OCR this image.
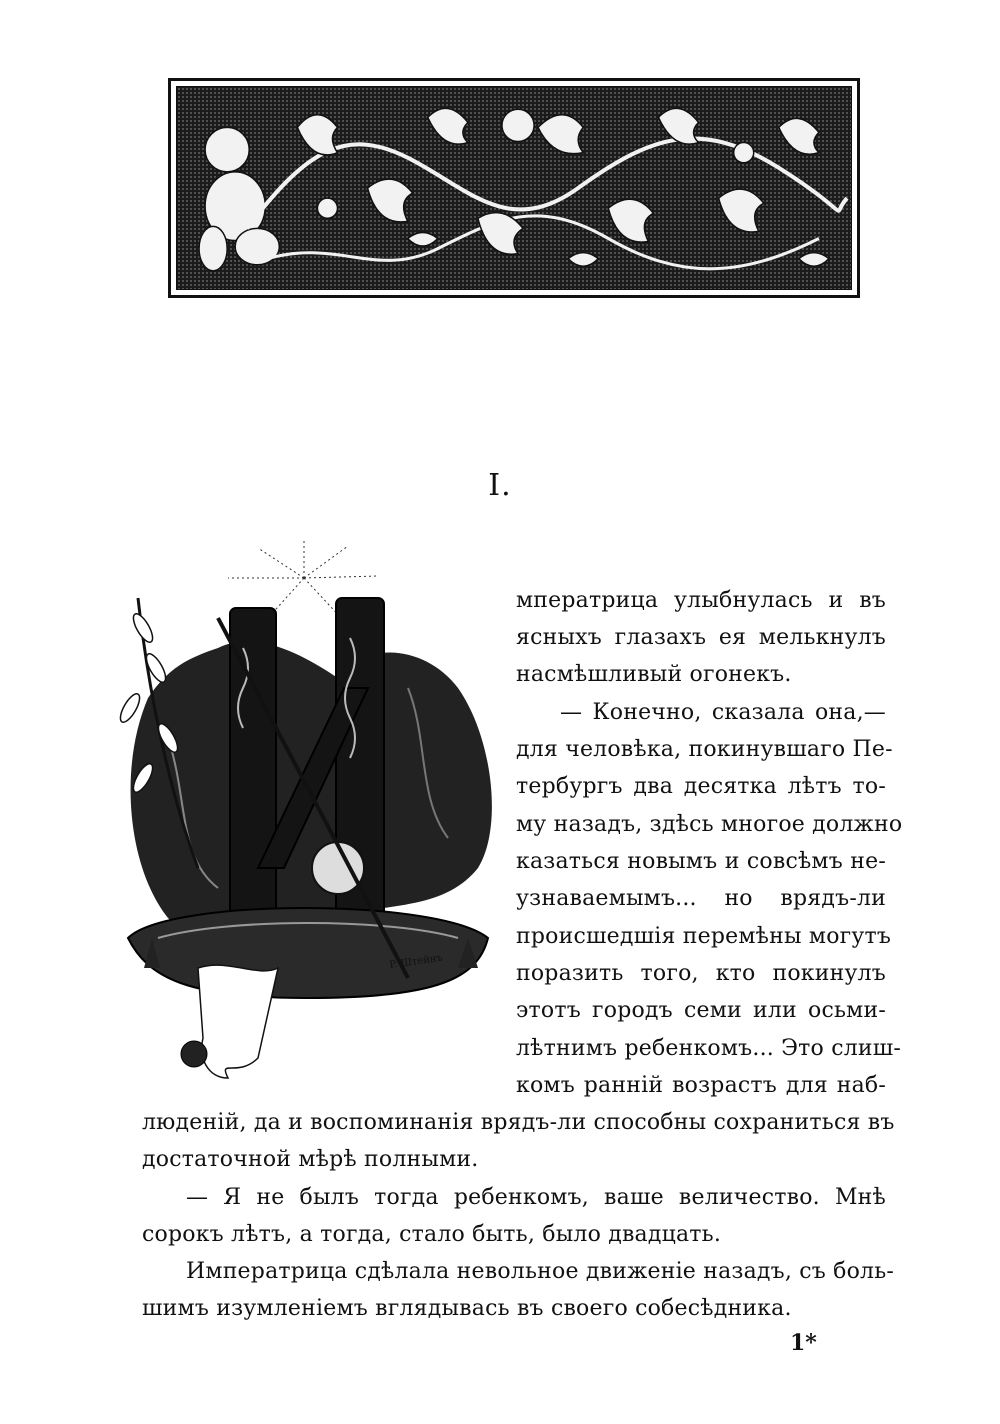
I.
P. Штейнъ
мператрица улыбнулась и въ
ясныхъ глазахъ ея мелькнулъ
насмѣшливый огонекъ.
— Конечно, сказала она,—
для человѣка, покинувшаго Пе-
тербургъ два десятка лѣтъ то-
му назадъ, здѣсь многое должно
казаться новымъ и совсѣмъ не-
узнаваемымъ... но врядъ-ли
происшедшія перемѣны могутъ
поразить того, кто покинулъ
этотъ городъ семи или осьми-
лѣтнимъ ребенкомъ... Это слиш-
комъ ранній возрастъ для наб-
люденій, да и воспоминанія врядъ-ли способны сохраниться въ
достаточной мѣрѣ полными.
— Я не былъ тогда ребенкомъ, ваше величество. Мнѣ
сорокъ лѣтъ, а тогда, стало быть, было двадцать.
Императрица сдѣлала невольное движеніе назадъ, съ боль-
шимъ изумленіемъ вглядывась въ своего собесѣдника.
1*
